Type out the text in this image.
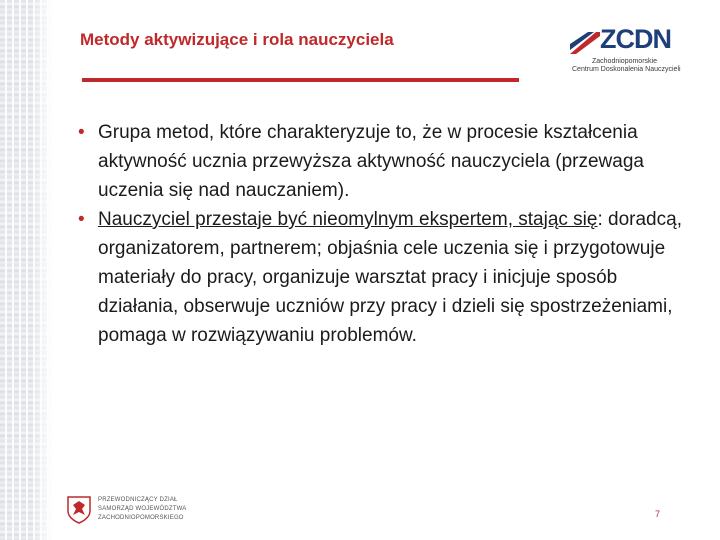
Metody aktywizujące i rola nauczyciela	ZCDN
Zachodniopomorskie
Centrum Doskonalenia Nauczycieli
• Grupa metod, które charakteryzuje to, że w procesie kształcenia aktywność ucznia przewyższa aktywność nauczyciela (przewaga uczenia się nad nauczaniem).
• Nauczyciel przestaje być nieomylnym ekspertem, stając się: doradcą, organizatorem, partnerem; objaśnia cele uczenia się i przygotowuje materiały do pracy, organizuje warsztat pracy i inicjuje sposób działania, obserwuje uczniów przy pracy i dzieli się spostrzeżeniami, pomaga w rozwiązywaniu problemów.
PRZEWODNICZĄCY DZIAŁ
SAMORZĄD WOJEWÓDZTWA
ZACHODNIOPOMORSKIEGO	7
